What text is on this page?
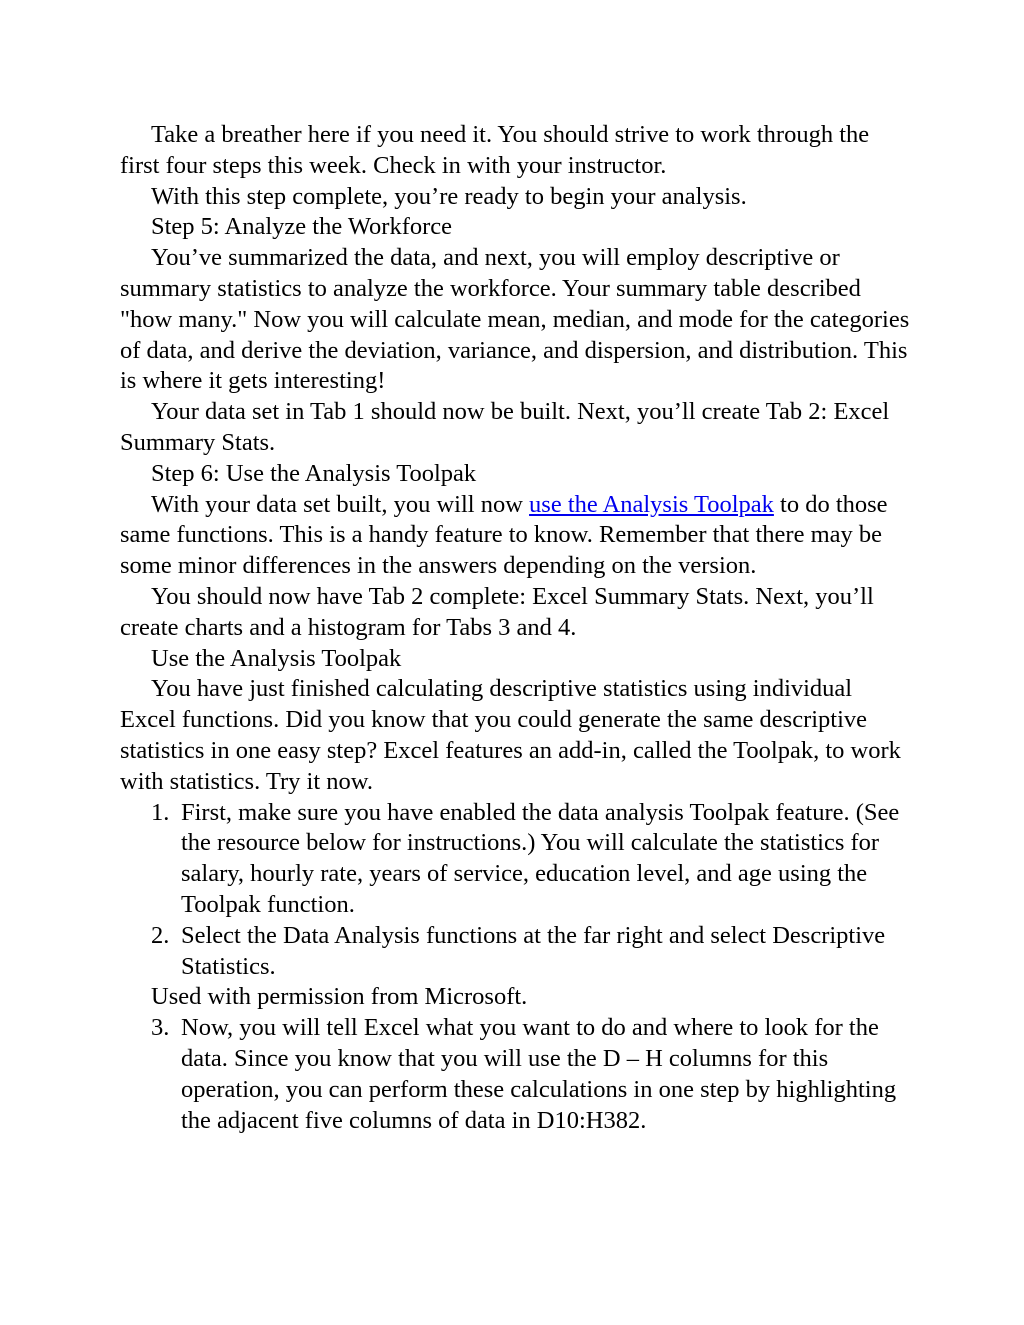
Take a breather here if you need it. You should strive to work through the first four steps this week. Check in with your instructor.

With this step complete, you’re ready to begin your analysis.

Step 5: Analyze the Workforce

You’ve summarized the data, and next, you will employ descriptive or summary statistics to analyze the workforce. Your summary table described "how many." Now you will calculate mean, median, and mode for the categories of data, and derive the deviation, variance, and dispersion, and distribution. This is where it gets interesting!

Your data set in Tab 1 should now be built. Next, you’ll create Tab 2: Excel Summary Stats.

Step 6: Use the Analysis Toolpak

With your data set built, you will now use the Analysis Toolpak to do those same functions. This is a handy feature to know. Remember that there may be some minor differences in the answers depending on the version.

You should now have Tab 2 complete: Excel Summary Stats. Next, you’ll create charts and a histogram for Tabs 3 and 4.

Use the Analysis Toolpak

You have just finished calculating descriptive statistics using individual Excel functions. Did you know that you could generate the same descriptive statistics in one easy step? Excel features an add-in, called the Toolpak, to work with statistics. Try it now.

1. First, make sure you have enabled the data analysis Toolpak feature. (See the resource below for instructions.) You will calculate the statistics for salary, hourly rate, years of service, education level, and age using the Toolpak function.
2. Select the Data Analysis functions at the far right and select Descriptive Statistics.

Used with permission from Microsoft.

3. Now, you will tell Excel what you want to do and where to look for the data. Since you know that you will use the D – H columns for this operation, you can perform these calculations in one step by highlighting the adjacent five columns of data in D10:H382.
